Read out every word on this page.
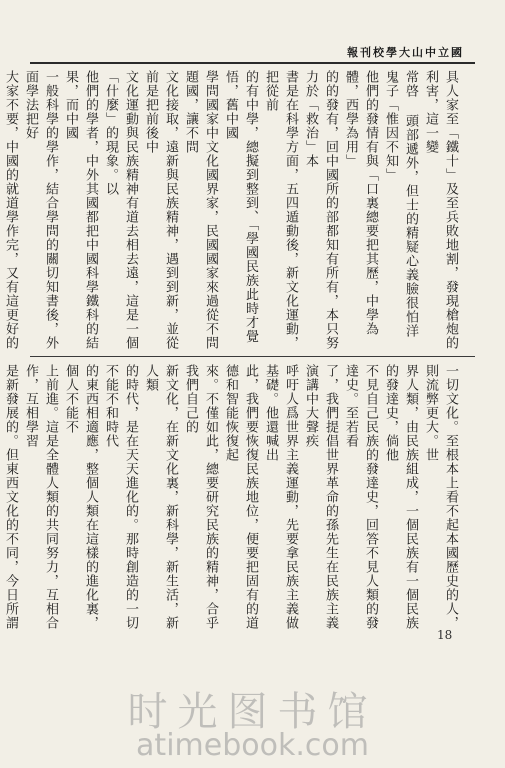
報刊校學大山中立國
具人家至「鐵十」及至兵敗地割，發現槍炮的利害，這一變
常啓 頭部遞外，但士的精疑心義臉很怕洋鬼子「惟因不知」
他們的發情有與「口裏總要把其歷，中學為體，西學為用」
的的發有，回中國所的部都知有所有，本只努力於「救治」本
書是在科學方面，五四遁動後，新文化運動，把從前
的有中學，總擬到整到、「學國民族此時才覺悟，舊中國
學問國家中文化國界家，民國國家來過從不問題國，讓不問
文化接取，遠新與民族精神，遇到到新，並從前是把前後中
文化運動與民族精神有道去相去遠，這是一個「什麼」的現象。以
他們的學者，中外其國都把中國科學鐵科的結果，而中國
一般科學的學作，結合學問的關切知書後，外面學法把好
大家不要，中國的就道學作完，又有這更好的
一切文化。至根本上看不起本國歷史的人，則流弊更大。世
界人類，由民族組成，一個民族有一個民族的發達史，倘他
不見自己民族的發達史，回答不見人類的發達史。至若看
了，我們提倡世界革命的孫先生在民族主義演講中大聲疾
呼吁人爲世界主義運動，先要拿民族主義做基礎。他還喊出
此，我們要恢復民族地位，便要把固有的道德和智能恢復起
來。不僅如此，總要研究民族的精神，合乎我們自己的
新文化，在新文化裏，新科學，新生活，新人類
的時代，是在天天進化的。那時創造的一切不能不和時代
的東西相適應，整個人類在這樣的進化裏，個人不能不
上前進。這是全體人類的共同努力，互相合作，互相學習
是新發展的。但東西文化的不同，今日所謂
18
时光图书馆
atimebook.com
